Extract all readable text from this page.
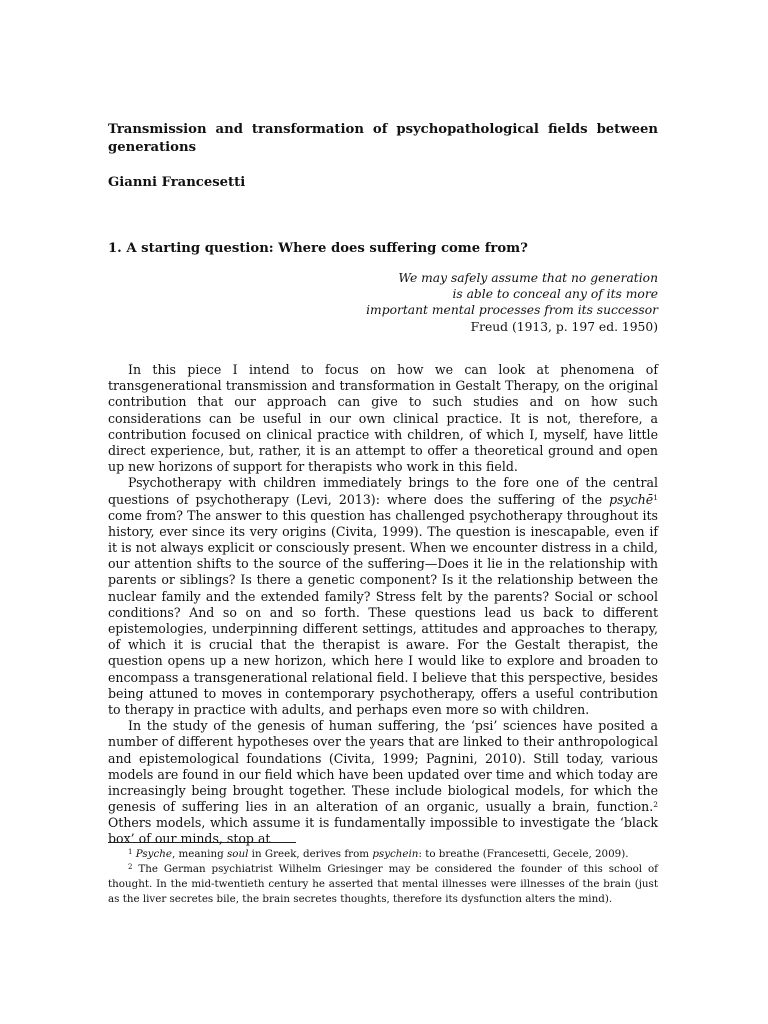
Transmission and transformation of psychopathological fields between generations

Gianni Francesetti

1. A starting question: Where does suffering come from?
We may safely assume that no generation
is able to conceal any of its more
important mental processes from its successor
Freud (1913, p. 197 ed. 1950)

In this piece I intend to focus on how we can look at phenomena of transgenerational transmission and transformation in Gestalt Therapy, on the original contribution that our approach can give to such studies and on how such considerations can be useful in our own clinical practice. It is not, therefore, a contribution focused on clinical practice with children, of which I, myself, have little direct experience, but, rather, it is an attempt to offer a theoretical ground and open up new horizons of support for therapists who work in this field.

Psychotherapy with children immediately brings to the fore one of the central questions of psychotherapy (Levi, 2013): where does the suffering of the psychē$^1$ come from? The answer to this question has challenged psychotherapy throughout its history, ever since its very origins (Civita, 1999). The question is inescapable, even if it is not always explicit or consciously present. When we encounter distress in a child, our attention shifts to the source of the suffering—Does it lie in the relationship with parents or siblings? Is there a genetic component? Is it the relationship between the nuclear family and the extended family? Stress felt by the parents? Social or school conditions? And so on and so forth. These questions lead us back to different epistemologies, underpinning different settings, attitudes and approaches to therapy, of which it is crucial that the therapist is aware. For the Gestalt therapist, the question opens up a new horizon, which here I would like to explore and broaden to encompass a transgenerational relational field. I believe that this perspective, besides being attuned to moves in contemporary psychotherapy, offers a useful contribution to therapy in practice with adults, and perhaps even more so with children.

In the study of the genesis of human suffering, the ‘psi’ sciences have posited a number of different hypotheses over the years that are linked to their anthropological and epistemological foundations (Civita, 1999; Pagnini, 2010). Still today, various models are found in our field which have been updated over time and which today are increasingly being brought together. These include biological models, for which the genesis of suffering lies in an alteration of an organic, usually a brain, function.$^2$ Others models, which assume it is fundamentally impossible to investigate the ‘black box’ of our minds, stop at

$^1$ Psyche, meaning soul in Greek, derives from psychein: to breathe (Francesetti, Gecele, 2009).

$^2$ The German psychiatrist Wilhelm Griesinger may be considered the founder of this school of thought. In the mid-twentieth century he asserted that mental illnesses were illnesses of the brain (just as the liver secretes bile, the brain secretes thoughts, therefore its dysfunction alters the mind).
